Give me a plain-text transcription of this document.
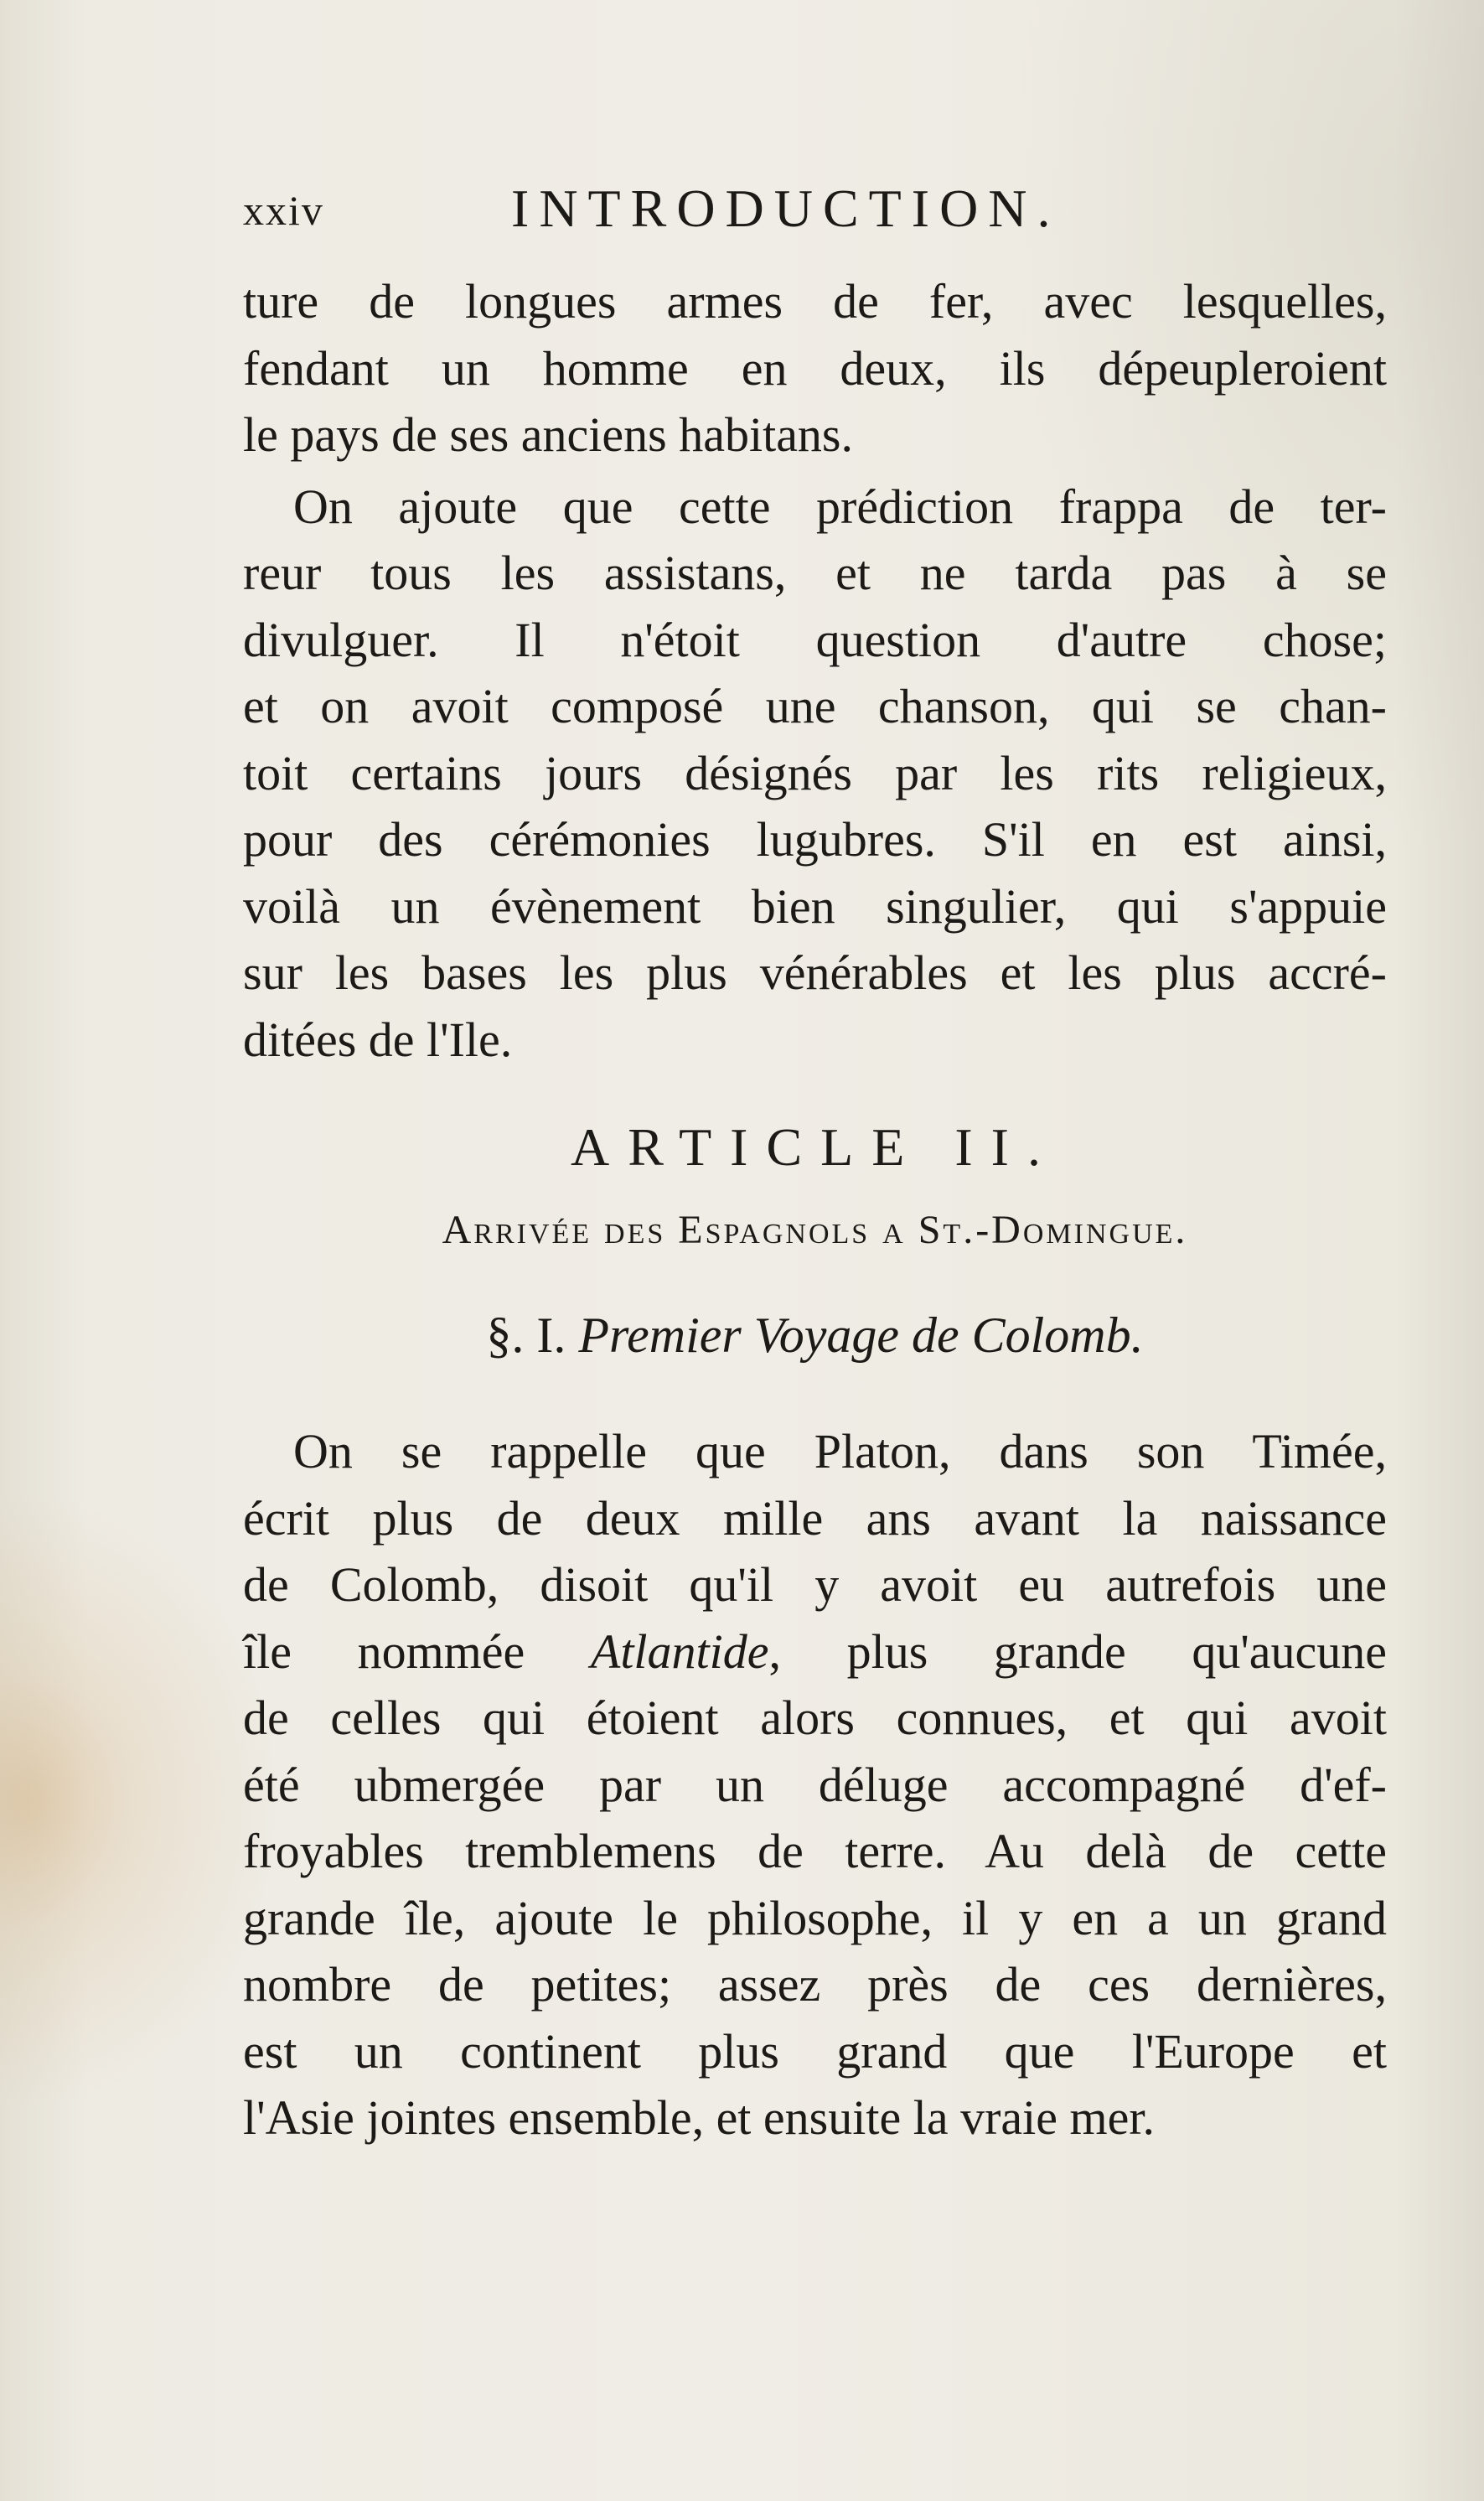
xxiv	INTRODUCTION.
ture de longues armes de fer, avec lesquelles,
fendant un homme en deux, ils dépeupleroient
le pays de ses anciens habitans.
On ajoute que cette prédiction frappa de ter-
reur tous les assistans, et ne tarda pas à se
divulguer. Il n'étoit question d'autre chose;
et on avoit composé une chanson, qui se chan-
toit certains jours désignés par les rits religieux,
pour des cérémonies lugubres. S'il en est ainsi,
voilà un évènement bien singulier, qui s'appuie
sur les bases les plus vénérables et les plus accré-
ditées de l'Ile.
ARTICLE II.
Arrivée des Espagnols a St.-Domingue.
§. I. Premier Voyage de Colomb.
On se rappelle que Platon, dans son Timée,
écrit plus de deux mille ans avant la naissance
de Colomb, disoit qu'il y avoit eu autrefois une
île nommée Atlantide, plus grande qu'aucune
de celles qui étoient alors connues, et qui avoit
été ubmergée par un déluge accompagné d'ef-
froyables tremblemens de terre. Au delà de cette
grande île, ajoute le philosophe, il y en a un grand
nombre de petites; assez près de ces dernières,
est un continent plus grand que l'Europe et
l'Asie jointes ensemble, et ensuite la vraie mer.
